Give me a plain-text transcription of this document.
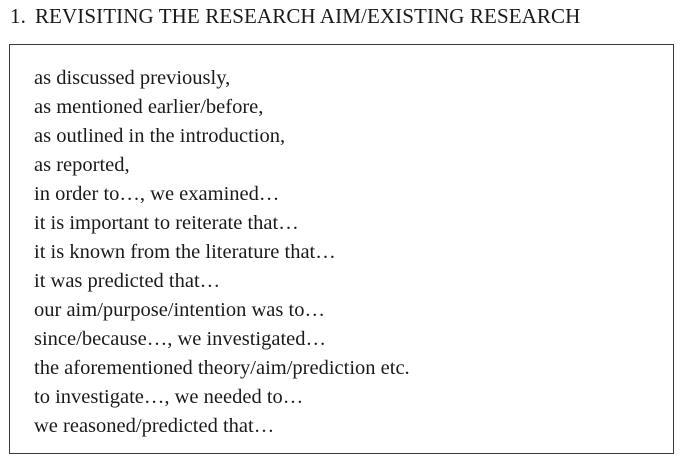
1. REVISITING THE RESEARCH AIM/EXISTING RESEARCH
as discussed previously,
as mentioned earlier/before,
as outlined in the introduction,
as reported,
in order to…, we examined…
it is important to reiterate that…
it is known from the literature that…
it was predicted that…
our aim/purpose/intention was to…
since/because…, we investigated…
the aforementioned theory/aim/prediction etc.
to investigate…, we needed to…
we reasoned/predicted that…
